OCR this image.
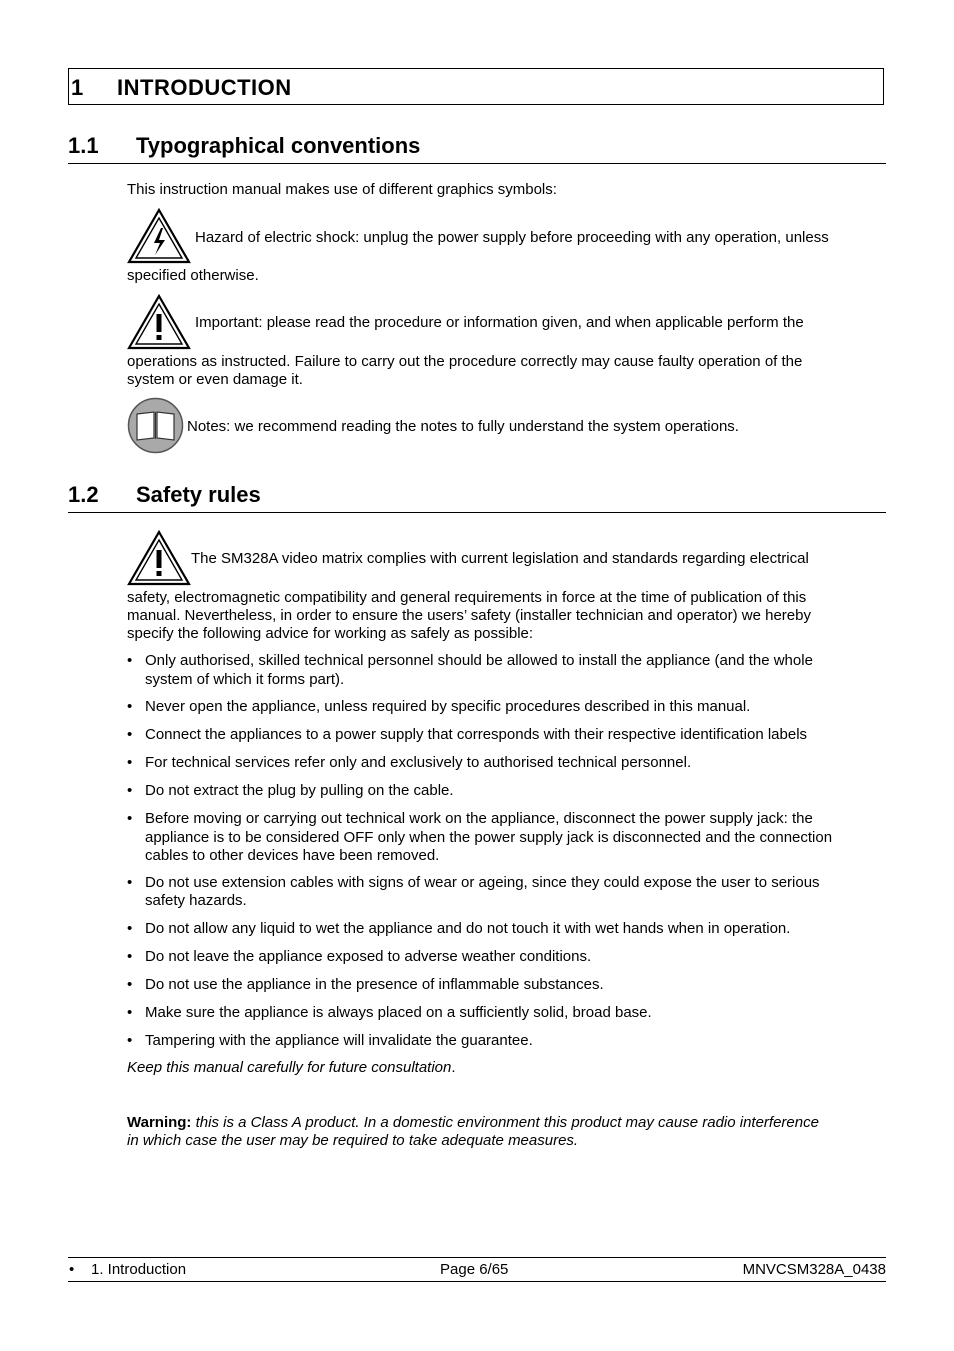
1 INTRODUCTION
1.1 Typographical conventions
This instruction manual makes use of different graphics symbols:
Hazard of electric shock: unplug the power supply before proceeding with any operation, unless
specified otherwise.
Important: please read the procedure or information given, and when applicable perform the
operations as instructed. Failure to carry out the procedure correctly may cause faulty operation of the
system or even damage it.
Notes: we recommend reading the notes to fully understand the system operations.
1.2 Safety rules
The SM328A video matrix complies with current legislation and standards regarding electrical
safety, electromagnetic compatibility and general requirements in force at the time of publication of this
manual. Nevertheless, in order to ensure the users’ safety (installer technician and operator) we hereby
specify the following advice for working as safely as possible:
• Only authorised, skilled technical personnel should be allowed to install the appliance (and the whole
system of which it forms part).
• Never open the appliance, unless required by specific procedures described in this manual.
• Connect the appliances to a power supply that corresponds with their respective identification labels
• For technical services refer only and exclusively to authorised technical personnel.
• Do not extract the plug by pulling on the cable.
• Before moving or carrying out technical work on the appliance, disconnect the power supply jack: the
appliance is to be considered OFF only when the power supply jack is disconnected and the connection
cables to other devices have been removed.
• Do not use extension cables with signs of wear or ageing, since they could expose the user to serious
safety hazards.
• Do not allow any liquid to wet the appliance and do not touch it with wet hands when in operation.
• Do not leave the appliance exposed to adverse weather conditions.
• Do not use the appliance in the presence of inflammable substances.
• Make sure the appliance is always placed on a sufficiently solid, broad base.
• Tampering with the appliance will invalidate the guarantee.
Keep this manual carefully for future consultation.
Warning: this is a Class A product. In a domestic environment this product may cause radio interference
in which case the user may be required to take adequate measures.
• 1. Introduction	Page 6/65	MNVCSM328A_0438
